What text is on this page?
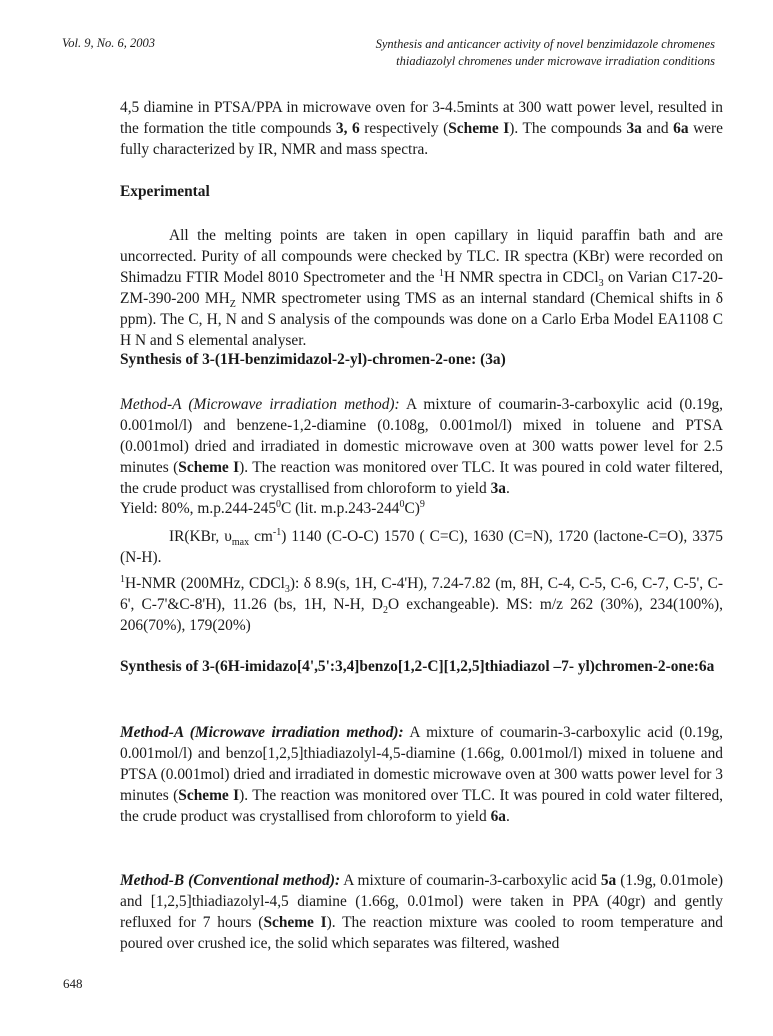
Vol. 9, No. 6, 2003	Synthesis and anticancer activity of novel benzimidazole chromenes
thiadiazolyl chromenes under microwave irradiation conditions

4,5 diamine in PTSA/PPA in microwave oven for 3-4.5mints at 300 watt power level, resulted in the formation the title compounds 3, 6 respectively (Scheme I). The compounds 3a and 6a were fully characterized by IR, NMR and mass spectra.

Experimental

All the melting points are taken in open capillary in liquid paraffin bath and are uncorrected. Purity of all compounds were checked by TLC. IR spectra (KBr) were recorded on Shimadzu FTIR Model 8010 Spectrometer and the $^1$H NMR spectra in CDCl$_3$ on Varian C17-20-ZM-390-200 $MH_Z$ NMR spectrometer using TMS as an internal standard (Chemical shifts in δ ppm). The C, H, N and S analysis of the compounds was done on a Carlo Erba Model EA1108 C H N and S elemental analyser.

Synthesis of 3-(1H-benzimidazol-2-yl)-chromen-2-one: (3a)

Method-A (Microwave irradiation method): A mixture of coumarin-3-carboxylic acid (0.19g, 0.001mol/l) and benzene-1,2-diamine (0.108g, 0.001mol/l) mixed in toluene and PTSA (0.001mol) dried and irradiated in domestic microwave oven at 300 watts power level for 2.5 minutes (Scheme I). The reaction was monitored over TLC. It was poured in cold water filtered, the crude product was crystallised from chloroform to yield 3a.

Yield: 80%, $m.p.244-245^0C$ (lit. $m.p.243-244^0C)^9$

IR(KBr, $\upsilon_{max}$ $cm^{-1}$) 1140 (C-O-C) 1570 ( C=C), 1630 (C=N), 1720 (lactone-C=O), 3375 (N-H).

$^1$H-NMR (200MHz, CDCl$_3$): δ 8.9(s, 1H, C-4'H), 7.24-7.82 (m, 8H, C-4, C-5, C-6, C-7, C-5', C-6', C-7'&C-8'H), 11.26 (bs, 1H, N-H, $D_2O$ exchangeable). MS: m/z 262 (30%), 234(100%), 206(70%), 179(20%)

Synthesis of 3-(6H-imidazo[4',5':3,4]benzo[1,2-C][1,2,5]thiadiazol –7- yl)chromen-2-one:6a

Method-A (Microwave irradiation method): A mixture of coumarin-3-carboxylic acid (0.19g, 0.001mol/l) and benzo[1,2,5]thiadiazolyl-4,5-diamine (1.66g, 0.001mol/l) mixed in toluene and PTSA (0.001mol) dried and irradiated in domestic microwave oven at 300 watts power level for 3 minutes (Scheme I). The reaction was monitored over TLC. It was poured in cold water filtered, the crude product was crystallised from chloroform to yield 6a.

Method-B (Conventional method): A mixture of coumarin-3-carboxylic acid 5a (1.9g, 0.01mole) and [1,2,5]thiadiazolyl-4,5 diamine (1.66g, 0.01mol) were taken in PPA (40gr) and gently refluxed for 7 hours (Scheme I). The reaction mixture was cooled to room temperature and poured over crushed ice, the solid which separates was filtered, washed

648
